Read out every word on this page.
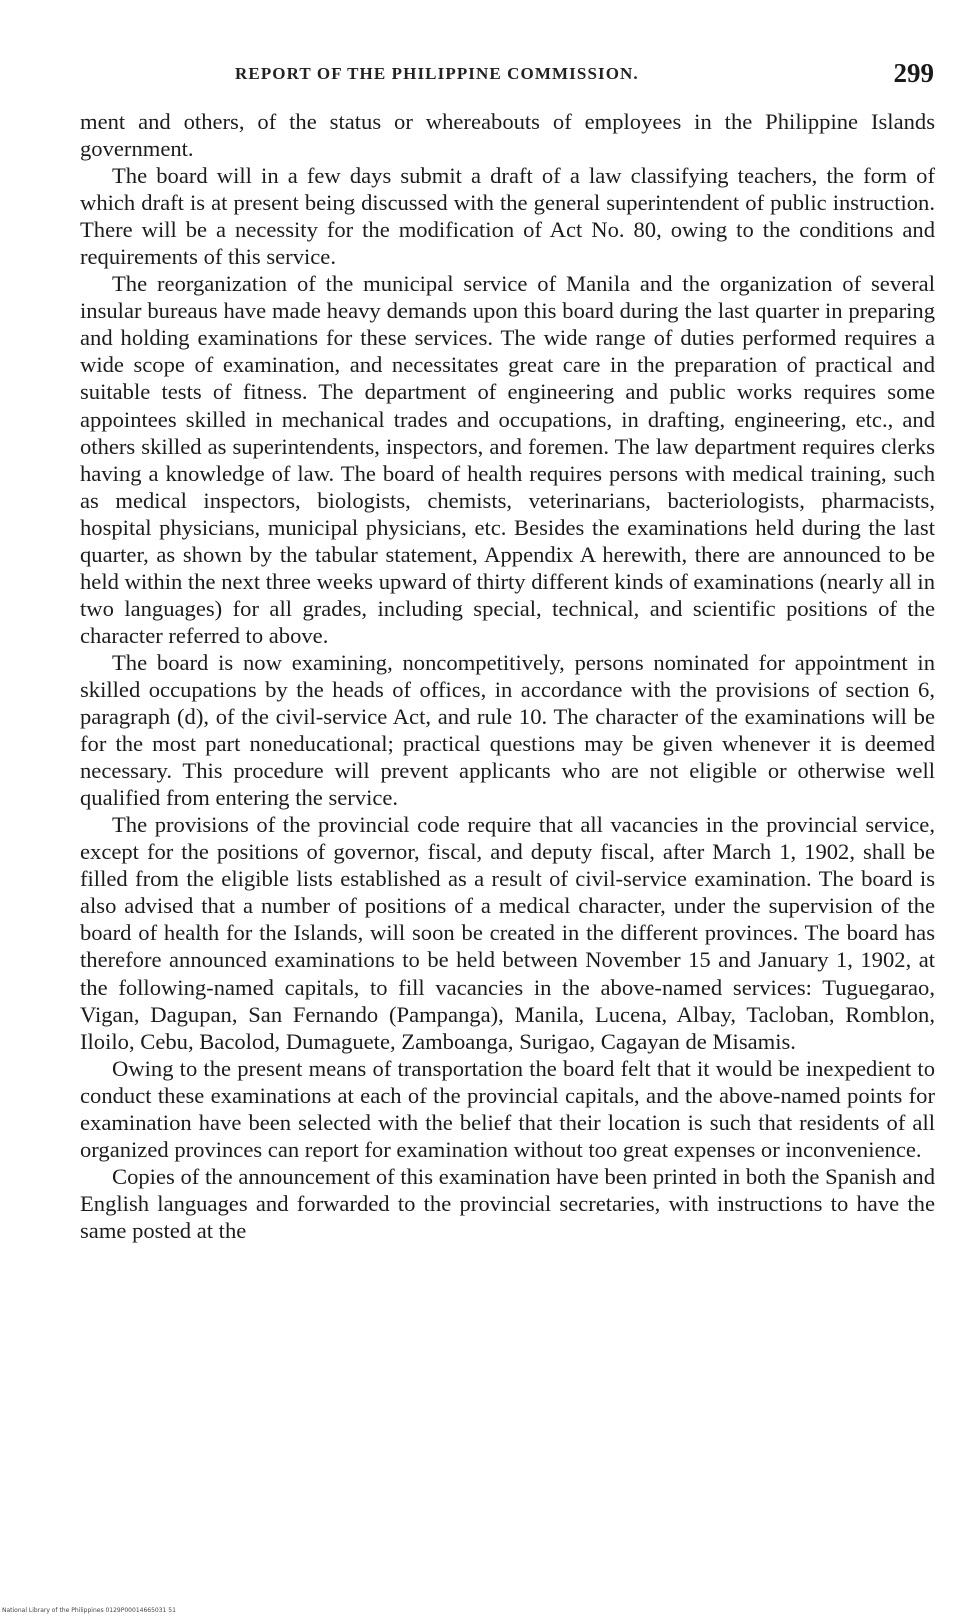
REPORT OF THE PHILIPPINE COMMISSION.	299

ment and others, of the status or whereabouts of employees in the Philippine Islands government.

The board will in a few days submit a draft of a law classifying teachers, the form of which draft is at present being discussed with the general superintendent of public instruction. There will be a necessity for the modification of Act No. 80, owing to the conditions and requirements of this service.

The reorganization of the municipal service of Manila and the organization of several insular bureaus have made heavy demands upon this board during the last quarter in preparing and holding examinations for these services. The wide range of duties performed requires a wide scope of examination, and necessitates great care in the preparation of practical and suitable tests of fitness. The department of engineering and public works requires some appointees skilled in mechanical trades and occupations, in drafting, engineering, etc., and others skilled as superintendents, inspectors, and foremen. The law department requires clerks having a knowledge of law. The board of health requires persons with medical training, such as medical inspectors, biologists, chemists, veterinarians, bacteriologists, pharmacists, hospital physicians, municipal physicians, etc. Besides the examinations held during the last quarter, as shown by the tabular statement, Appendix A herewith, there are announced to be held within the next three weeks upward of thirty different kinds of examinations (nearly all in two languages) for all grades, including special, technical, and scientific positions of the character referred to above.

The board is now examining, noncompetitively, persons nominated for appointment in skilled occupations by the heads of offices, in accordance with the provisions of section 6, paragraph (d), of the civil-service Act, and rule 10. The character of the examinations will be for the most part noneducational; practical questions may be given whenever it is deemed necessary. This procedure will prevent applicants who are not eligible or otherwise well qualified from entering the service.

The provisions of the provincial code require that all vacancies in the provincial service, except for the positions of governor, fiscal, and deputy fiscal, after March 1, 1902, shall be filled from the eligible lists established as a result of civil-service examination. The board is also advised that a number of positions of a medical character, under the supervision of the board of health for the Islands, will soon be created in the different provinces. The board has therefore announced examinations to be held between November 15 and January 1, 1902, at the following-named capitals, to fill vacancies in the above-named services: Tuguegarao, Vigan, Dagupan, San Fernando (Pampanga), Manila, Lucena, Albay, Tacloban, Romblon, Iloilo, Cebu, Bacolod, Dumaguete, Zamboanga, Surigao, Cagayan de Misamis.

Owing to the present means of transportation the board felt that it would be inexpedient to conduct these examinations at each of the provincial capitals, and the above-named points for examination have been selected with the belief that their location is such that residents of all organized provinces can report for examination without too great expenses or inconvenience.

Copies of the announcement of this examination have been printed in both the Spanish and English languages and forwarded to the provincial secretaries, with instructions to have the same posted at the

National Library of the Philippines 0129P00014665031 51
